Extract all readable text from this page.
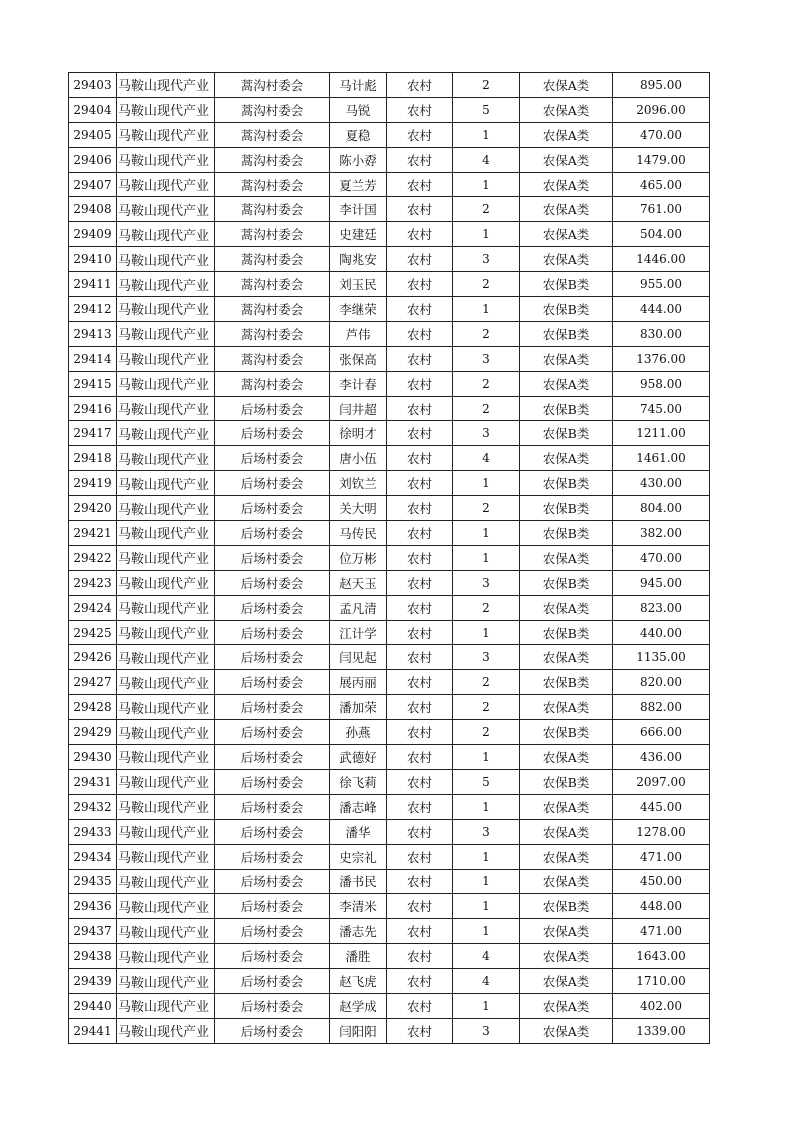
29403	马鞍山现代产业	蒿沟村委会	马计彪	农村	2	农保A类	895.00
29404	马鞍山现代产业	蒿沟村委会	马锐	农村	5	农保A类	2096.00
29405	马鞍山现代产业	蒿沟村委会	夏稳	农村	1	农保A类	470.00
29406	马鞍山现代产业	蒿沟村委会	陈小孬	农村	4	农保A类	1479.00
29407	马鞍山现代产业	蒿沟村委会	夏兰芳	农村	1	农保A类	465.00
29408	马鞍山现代产业	蒿沟村委会	李计国	农村	2	农保A类	761.00
29409	马鞍山现代产业	蒿沟村委会	史建廷	农村	1	农保A类	504.00
29410	马鞍山现代产业	蒿沟村委会	陶兆安	农村	3	农保A类	1446.00
29411	马鞍山现代产业	蒿沟村委会	刘玉民	农村	2	农保B类	955.00
29412	马鞍山现代产业	蒿沟村委会	李继荣	农村	1	农保B类	444.00
29413	马鞍山现代产业	蒿沟村委会	芦伟	农村	2	农保B类	830.00
29414	马鞍山现代产业	蒿沟村委会	张保高	农村	3	农保A类	1376.00
29415	马鞍山现代产业	蒿沟村委会	李计春	农村	2	农保A类	958.00
29416	马鞍山现代产业	后场村委会	闫井超	农村	2	农保B类	745.00
29417	马鞍山现代产业	后场村委会	徐明才	农村	3	农保B类	1211.00
29418	马鞍山现代产业	后场村委会	唐小伍	农村	4	农保A类	1461.00
29419	马鞍山现代产业	后场村委会	刘钦兰	农村	1	农保B类	430.00
29420	马鞍山现代产业	后场村委会	关大明	农村	2	农保B类	804.00
29421	马鞍山现代产业	后场村委会	马传民	农村	1	农保B类	382.00
29422	马鞍山现代产业	后场村委会	位万彬	农村	1	农保A类	470.00
29423	马鞍山现代产业	后场村委会	赵天玉	农村	3	农保B类	945.00
29424	马鞍山现代产业	后场村委会	孟凡清	农村	2	农保A类	823.00
29425	马鞍山现代产业	后场村委会	江计学	农村	1	农保B类	440.00
29426	马鞍山现代产业	后场村委会	闫见起	农村	3	农保A类	1135.00
29427	马鞍山现代产业	后场村委会	展丙丽	农村	2	农保B类	820.00
29428	马鞍山现代产业	后场村委会	潘加荣	农村	2	农保A类	882.00
29429	马鞍山现代产业	后场村委会	孙燕	农村	2	农保B类	666.00
29430	马鞍山现代产业	后场村委会	武德好	农村	1	农保A类	436.00
29431	马鞍山现代产业	后场村委会	徐飞莉	农村	5	农保B类	2097.00
29432	马鞍山现代产业	后场村委会	潘志峰	农村	1	农保A类	445.00
29433	马鞍山现代产业	后场村委会	潘华	农村	3	农保A类	1278.00
29434	马鞍山现代产业	后场村委会	史宗礼	农村	1	农保A类	471.00
29435	马鞍山现代产业	后场村委会	潘书民	农村	1	农保A类	450.00
29436	马鞍山现代产业	后场村委会	李清米	农村	1	农保B类	448.00
29437	马鞍山现代产业	后场村委会	潘志先	农村	1	农保A类	471.00
29438	马鞍山现代产业	后场村委会	潘胜	农村	4	农保A类	1643.00
29439	马鞍山现代产业	后场村委会	赵飞虎	农村	4	农保A类	1710.00
29440	马鞍山现代产业	后场村委会	赵学成	农村	1	农保A类	402.00
29441	马鞍山现代产业	后场村委会	闫阳阳	农村	3	农保A类	1339.00
